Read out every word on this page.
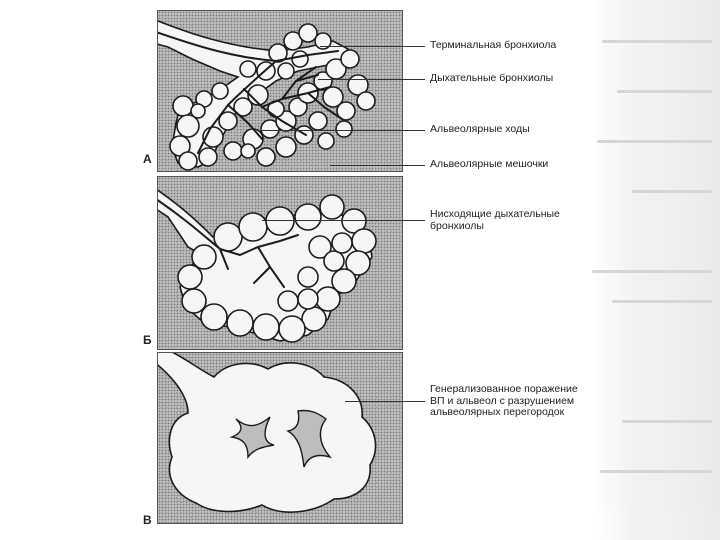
А
Б
В
Терминальная бронхиола
Дыхательные бронхиолы
Альвеолярные ходы
Альвеолярные мешочки
Нисходящие дыхательные
бронхиолы
Генерализованное поражение
ВП и альвеол с разрушением
альвеолярных перегородок
